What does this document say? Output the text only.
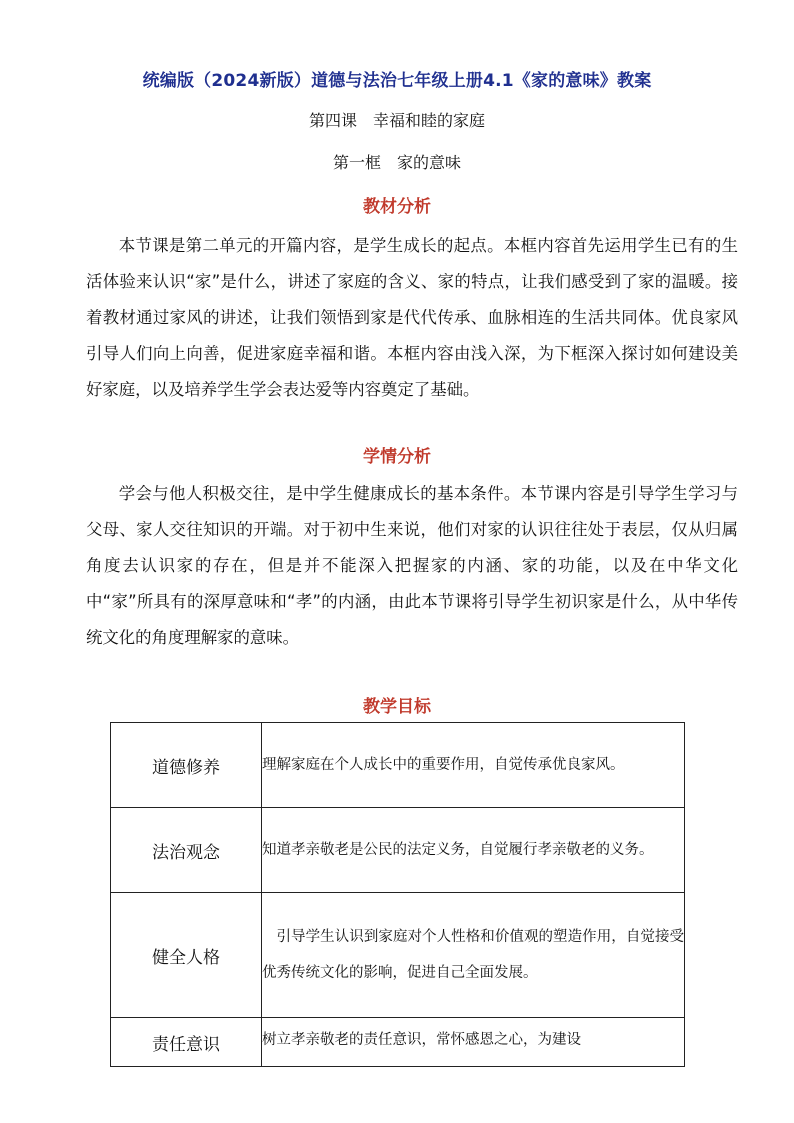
统编版（2024新版）道德与法治七年级上册4.1《家的意味》教案
第四课　幸福和睦的家庭
第一框　家的意味
教材分析
本节课是第二单元的开篇内容，是学生成长的起点。本框内容首先运用学生已有的生活体验来认识“家”是什么，讲述了家庭的含义、家的特点，让我们感受到了家的温暖。接着教材通过家风的讲述，让我们领悟到家是代代传承、血脉相连的生活共同体。优良家风引导人们向上向善，促进家庭幸福和谐。本框内容由浅入深，为下框深入探讨如何建设美好家庭，以及培养学生学会表达爱等内容奠定了基础。
学情分析
学会与他人积极交往，是中学生健康成长的基本条件。本节课内容是引导学生学习与父母、家人交往知识的开端。对于初中生来说，他们对家的认识往往处于表层，仅从归属角度去认识家的存在，但是并不能深入把握家的内涵、家的功能，以及在中华文化中“家”所具有的深厚意味和“孝”的内涵，由此本节课将引导学生初识家是什么，从中华传统文化的角度理解家的意味。
教学目标
道德修养	理解家庭在个人成长中的重要作用，自觉传承优良家风。
法治观念	知道孝亲敬老是公民的法定义务，自觉履行孝亲敬老的义务。
健全人格	引导学生认识到家庭对个人性格和价值观的塑造作用，自觉接受优秀传统文化的影响，促进自己全面发展。
责任意识	树立孝亲敬老的责任意识，常怀感恩之心，为建设
